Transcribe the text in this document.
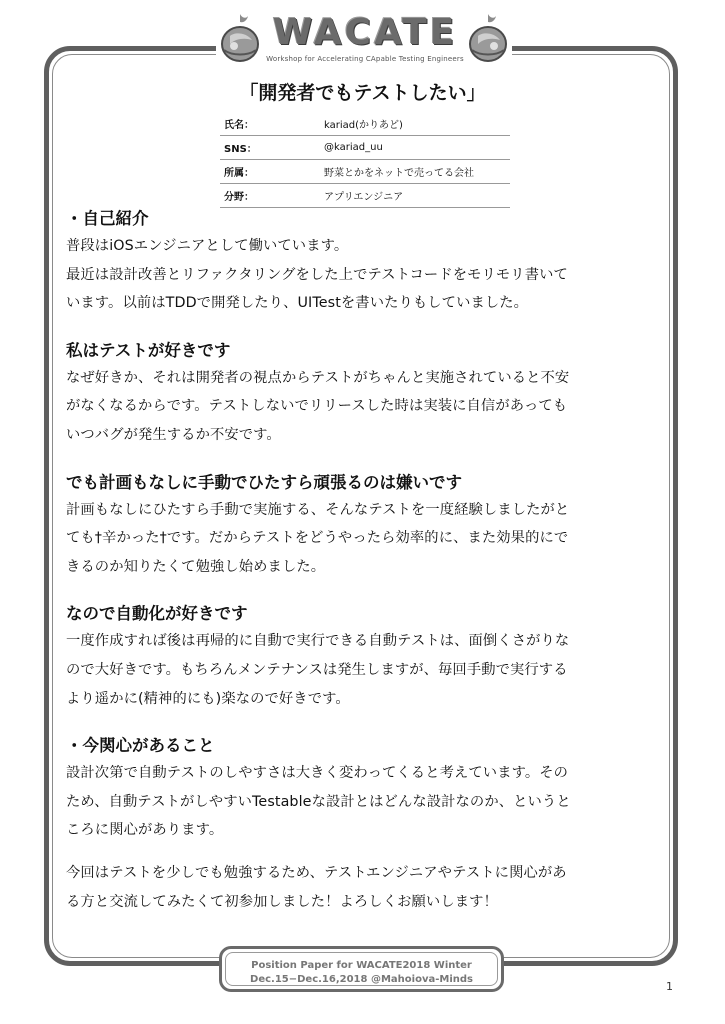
WACATE
Workshop for Accelerating CApable Testing Engineers
「開発者でもテストしたい」
氏名：	kariad(かりあど)
SNS：	@kariad_uu
所属：	野菜とかをネットで売ってる会社
分野：	アプリエンジニア

・自己紹介

普段はiOSエンジニアとして働いています。

最近は設計改善とリファクタリングをした上でテストコードをモリモリ書いて

います。以前はTDDで開発したり、UITestを書いたりもしていました。

私はテストが好きです

なぜ好きか、それは開発者の視点からテストがちゃんと実施されていると不安

がなくなるからです。テストしないでリリースした時は実装に自信があっても

いつバグが発生するか不安です。

でも計画もなしに手動でひたすら頑張るのは嫌いです

計画もなしにひたすら手動で実施する、そんなテストを一度経験しましたがと

ても†辛かった†です。だからテストをどうやったら効率的に、また効果的にで

きるのか知りたくて勉強し始めました。

なので自動化が好きです

一度作成すれば後は再帰的に自動で実行できる自動テストは、面倒くさがりな

ので大好きです。もちろんメンテナンスは発生しますが、毎回手動で実行する

より遥かに(精神的にも)楽なので好きです。

・今関心があること

設計次第で自動テストのしやすさは大きく変わってくると考えています。その

ため、自動テストがしやすいTestableな設計とはどんな設計なのか、というと

ころに関心があります。

今回はテストを少しでも勉強するため、テストエンジニアやテストに関心があ

る方と交流してみたくて初参加しました！よろしくお願いします！

Position Paper for WACATE2018 Winter
Dec.15−Dec.16,2018 @Mahoiova-Minds
1
